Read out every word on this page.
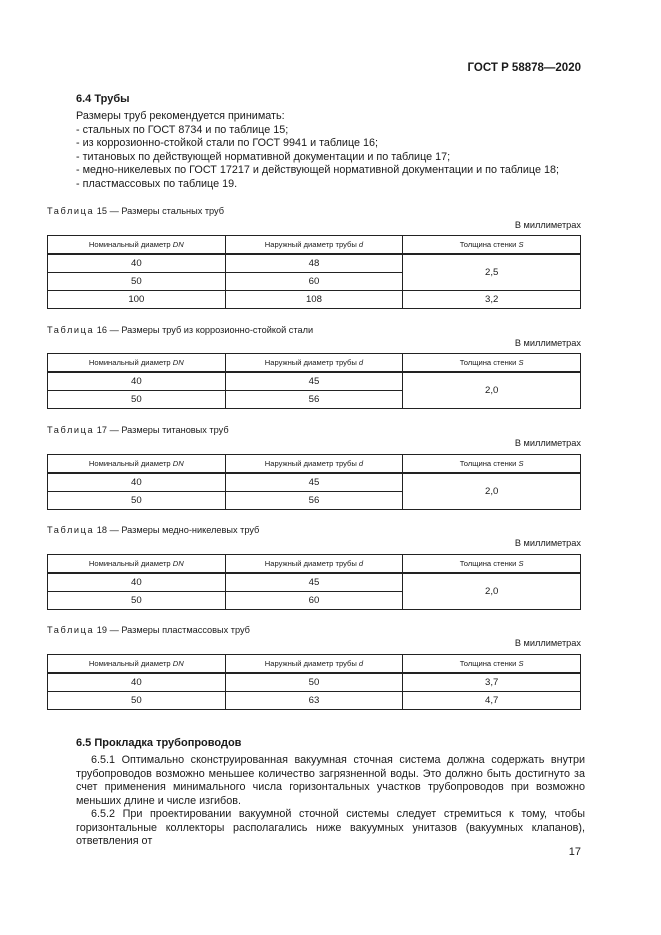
ГОСТ Р 58878—2020
6.4 Трубы
Размеры труб рекомендуется принимать:
- стальных по ГОСТ 8734 и по таблице 15;
- из коррозионно-стойкой стали по ГОСТ 9941 и таблице 16;
- титановых по действующей нормативной документации и по таблице 17;
- медно-никелевых по ГОСТ 17217 и действующей нормативной документации и по таблице 18;
- пластмассовых по таблице 19.
Таблица 15 — Размеры стальных труб
В миллиметрах
Номинальный диаметр DN	Наружный диаметр трубы d	Толщина стенки S
40	48	2,5
50	60	
100	108	3,2
Таблица 16 — Размеры труб из коррозионно-стойкой стали
В миллиметрах
Номинальный диаметр DN	Наружный диаметр трубы d	Толщина стенки S
40	45	2,0
50	56	
Таблица 17 — Размеры титановых труб
В миллиметрах
Номинальный диаметр DN	Наружный диаметр трубы d	Толщина стенки S
40	45	2,0
50	56	
Таблица 18 — Размеры медно-никелевых труб
В миллиметрах
Номинальный диаметр DN	Наружный диаметр трубы d	Толщина стенки S
40	45	2,0
50	60	
Таблица 19 — Размеры пластмассовых труб
В миллиметрах
Номинальный диаметр DN	Наружный диаметр трубы d	Толщина стенки S
40	50	3,7
50	63	4,7
6.5 Прокладка трубопроводов

6.5.1 Оптимально сконструированная вакуумная сточная система должна содержать внутри трубопроводов возможно меньшее количество загрязненной воды. Это должно быть достигнуто за счет применения минимального числа горизонтальных участков трубопроводов при возможно меньших длине и числе изгибов.

6.5.2 При проектировании вакуумной сточной системы следует стремиться к тому, чтобы горизонтальные коллекторы располагались ниже вакуумных унитазов (вакуумных клапанов), ответвления от

17
